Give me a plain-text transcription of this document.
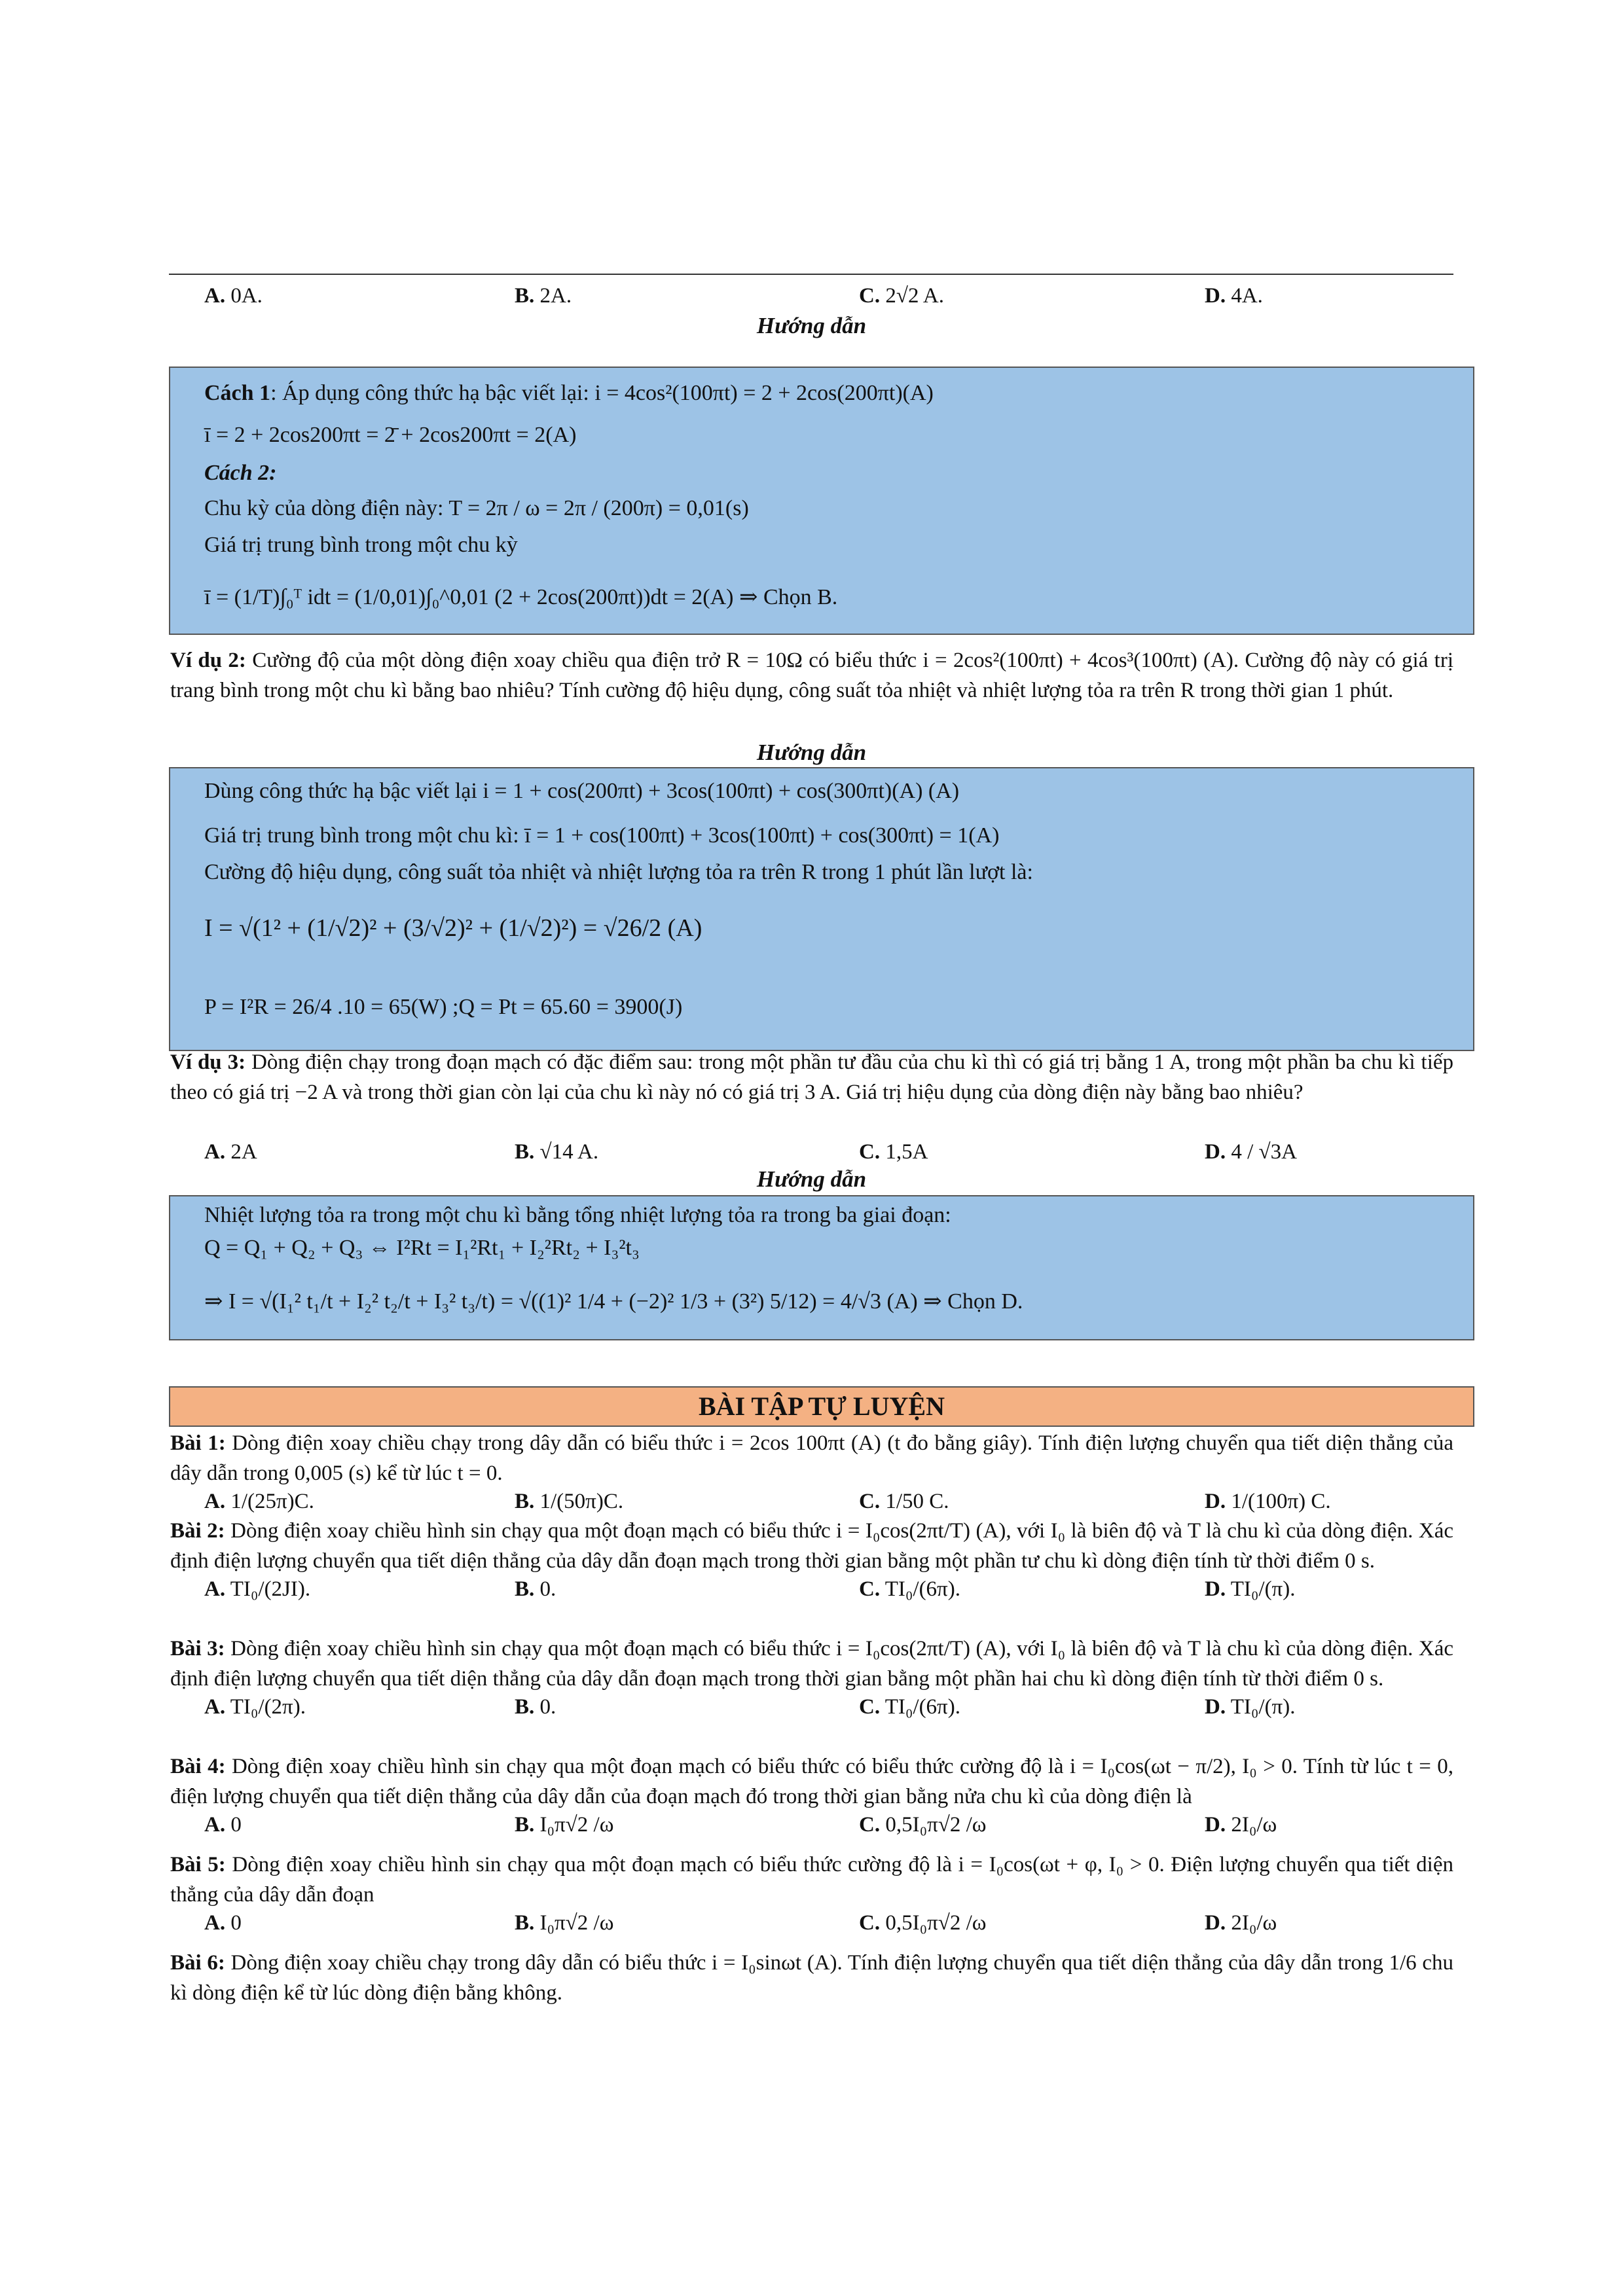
A. 0A.	B. 2A.	C. 2√2 A.	D. 4A.
Hướng dẫn
Cách 1: Áp dụng công thức hạ bậc viết lại: i = 4cos²(100πt) = 2 + 2cos(200πt)(A)
ī = 2 + 2cos200πt = 2̄ + 2cos200πt = 2(A)
Cách 2:
Chu kỳ của dòng điện này: T = 2π / ω = 2π / (200π) = 0,01(s)
Giá trị trung bình trong một chu kỳ
ī = (1/T)∫₀ᵀ idt = (1/0,01)∫₀^0,01 (2 + 2cos(200πt))dt = 2(A) ⇒ Chọn B.
Ví dụ 2: Cường độ của một dòng điện xoay chiều qua điện trở R = 10Ω có biểu thức i = 2cos²(100πt) + 4cos³(100πt) (A). Cường độ này có giá trị trang bình trong một chu kì bằng bao nhiêu? Tính cường độ hiệu dụng, công suất tỏa nhiệt và nhiệt lượng tỏa ra trên R trong thời gian 1 phút.
Hướng dẫn
Dùng công thức hạ bậc viết lại i = 1 + cos(200πt) + 3cos(100πt) + cos(300πt)(A) (A)
Giá trị trung bình trong một chu kì: ī = 1 + cos(100πt) + 3cos(100πt) + cos(300πt) = 1(A)
Cường độ hiệu dụng, công suất tỏa nhiệt và nhiệt lượng tỏa ra trên R trong 1 phút lần lượt là:
I = √(1² + (1/√2)² + (3/√2)² + (1/√2)²) = √26/2 (A)
P = I²R = 26/4 .10 = 65(W) ;Q = Pt = 65.60 = 3900(J)
Ví dụ 3: Dòng điện chạy trong đoạn mạch có đặc điểm sau: trong một phần tư đầu của chu kì thì có giá trị bằng 1 A, trong một phần ba chu kì tiếp theo có giá trị −2 A và trong thời gian còn lại của chu kì này nó có giá trị 3 A. Giá trị hiệu dụng của dòng điện này bằng bao nhiêu?
A. 2A	B. √14 A.	C. 1,5A	D. 4 / √3A
Hướng dẫn
Nhiệt lượng tỏa ra trong một chu kì bằng tổng nhiệt lượng tỏa ra trong ba giai đoạn:
Q = Q₁ + Q₂ + Q₃ ⇔ I²Rt = I₁²Rt₁ + I₂²Rt₂ + I₃²t₃
⇒ I = √(I₁² t₁/t + I₂² t₂/t + I₃² t₃/t) = √((1)² 1/4 + (−2)² 1/3 + (3²) 5/12) = 4/√3 (A) ⇒ Chọn D.
BÀI TẬP TỰ LUYỆN
Bài 1: Dòng điện xoay chiều chạy trong dây dẫn có biểu thức i = 2cos 100πt (A) (t đo bằng giây). Tính điện lượng chuyển qua tiết diện thẳng của dây dẫn trong 0,005 (s) kể từ lúc t = 0.
A. 1/(25π)C.	B. 1/(50π)C.	C. 1/50 C.	D. 1/(100π) C.
Bài 2: Dòng điện xoay chiều hình sin chạy qua một đoạn mạch có biểu thức i = I₀cos(2πt/T) (A), với I₀ là biên độ và T là chu kì của dòng điện. Xác định điện lượng chuyển qua tiết diện thẳng của dây dẫn đoạn mạch trong thời gian bằng một phần tư chu kì dòng điện tính từ thời điểm 0 s.
A. TI₀/(2JI).	B. 0.	C. TI₀/(6π).	D. TI₀/(π).
Bài 3: Dòng điện xoay chiều hình sin chạy qua một đoạn mạch có biểu thức i = I₀cos(2πt/T) (A), với I₀ là biên độ và T là chu kì của dòng điện. Xác định điện lượng chuyển qua tiết diện thẳng của dây dẫn đoạn mạch trong thời gian bằng một phần hai chu kì dòng điện tính từ thời điểm 0 s.
A. TI₀/(2π).	B. 0.	C. TI₀/(6π).	D. TI₀/(π).
Bài 4: Dòng điện xoay chiều hình sin chạy qua một đoạn mạch có biểu thức có biểu thức cường độ là i = I₀cos(ωt − π/2), I₀ > 0. Tính từ lúc t = 0, điện lượng chuyển qua tiết diện thẳng của dây dẫn của đoạn mạch đó trong thời gian bằng nửa chu kì của dòng điện là
A. 0	B. I₀π√2 /ω	C. 0,5I₀π√2 /ω	D. 2I₀/ω
Bài 5: Dòng điện xoay chiều hình sin chạy qua một đoạn mạch có biểu thức cường độ là i = I₀cos(ωt + φ, I₀ > 0. Điện lượng chuyển qua tiết diện thẳng của dây dẫn đoạn
A. 0	B. I₀π√2 /ω	C. 0,5I₀π√2 /ω	D. 2I₀/ω
Bài 6: Dòng điện xoay chiều chạy trong dây dẫn có biểu thức i = I₀sinωt (A). Tính điện lượng chuyển qua tiết diện thẳng của dây dẫn trong 1/6 chu kì dòng điện kể từ lúc dòng điện bằng không.
